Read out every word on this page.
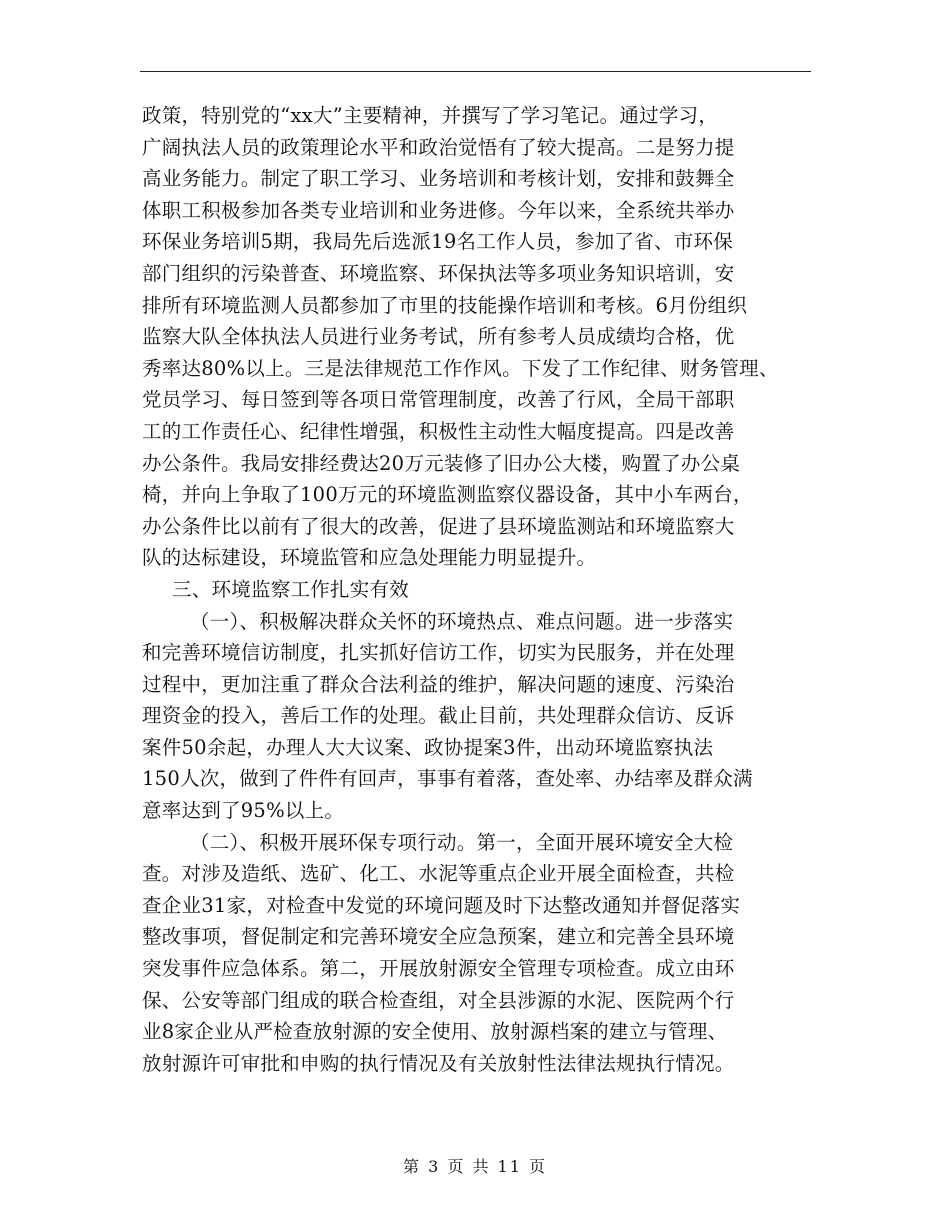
政策，特别党的“xx大”主要精神，并撰写了学习笔记。通过学习，
广阔执法人员的政策理论水平和政治觉悟有了较大提高。二是努力提
高业务能力。制定了职工学习、业务培训和考核计划，安排和鼓舞全
体职工积极参加各类专业培训和业务进修。今年以来，全系统共举办
环保业务培训5期，我局先后选派19名工作人员，参加了省、市环保
部门组织的污染普查、环境监察、环保执法等多项业务知识培训，安
排所有环境监测人员都参加了市里的技能操作培训和考核。6月份组织
监察大队全体执法人员进行业务考试，所有参考人员成绩均合格，优
秀率达80%以上。三是法律规范工作作风。下发了工作纪律、财务管理、
党员学习、每日签到等各项日常管理制度，改善了行风，全局干部职
工的工作责任心、纪律性增强，积极性主动性大幅度提高。四是改善
办公条件。我局安排经费达20万元装修了旧办公大楼，购置了办公桌
椅，并向上争取了100万元的环境监测监察仪器设备，其中小车两台，
办公条件比以前有了很大的改善，促进了县环境监测站和环境监察大
队的达标建设，环境监管和应急处理能力明显提升。
三、环境监察工作扎实有效
（一）、积极解决群众关怀的环境热点、难点问题。进一步落实
和完善环境信访制度，扎实抓好信访工作，切实为民服务，并在处理
过程中，更加注重了群众合法利益的维护，解决问题的速度、污染治
理资金的投入，善后工作的处理。截止目前，共处理群众信访、反诉
案件50余起，办理人大大议案、政协提案3件，出动环境监察执法
150人次，做到了件件有回声，事事有着落，查处率、办结率及群众满
意率达到了95%以上。
（二）、积极开展环保专项行动。第一，全面开展环境安全大检
查。对涉及造纸、选矿、化工、水泥等重点企业开展全面检查，共检
查企业31家，对检查中发觉的环境问题及时下达整改通知并督促落实
整改事项，督促制定和完善环境安全应急预案，建立和完善全县环境
突发事件应急体系。第二，开展放射源安全管理专项检查。成立由环
保、公安等部门组成的联合检查组，对全县涉源的水泥、医院两个行
业8家企业从严检查放射源的安全使用、放射源档案的建立与管理、
放射源许可审批和申购的执行情况及有关放射性法律法规执行情况。
第 3 页 共 11 页
